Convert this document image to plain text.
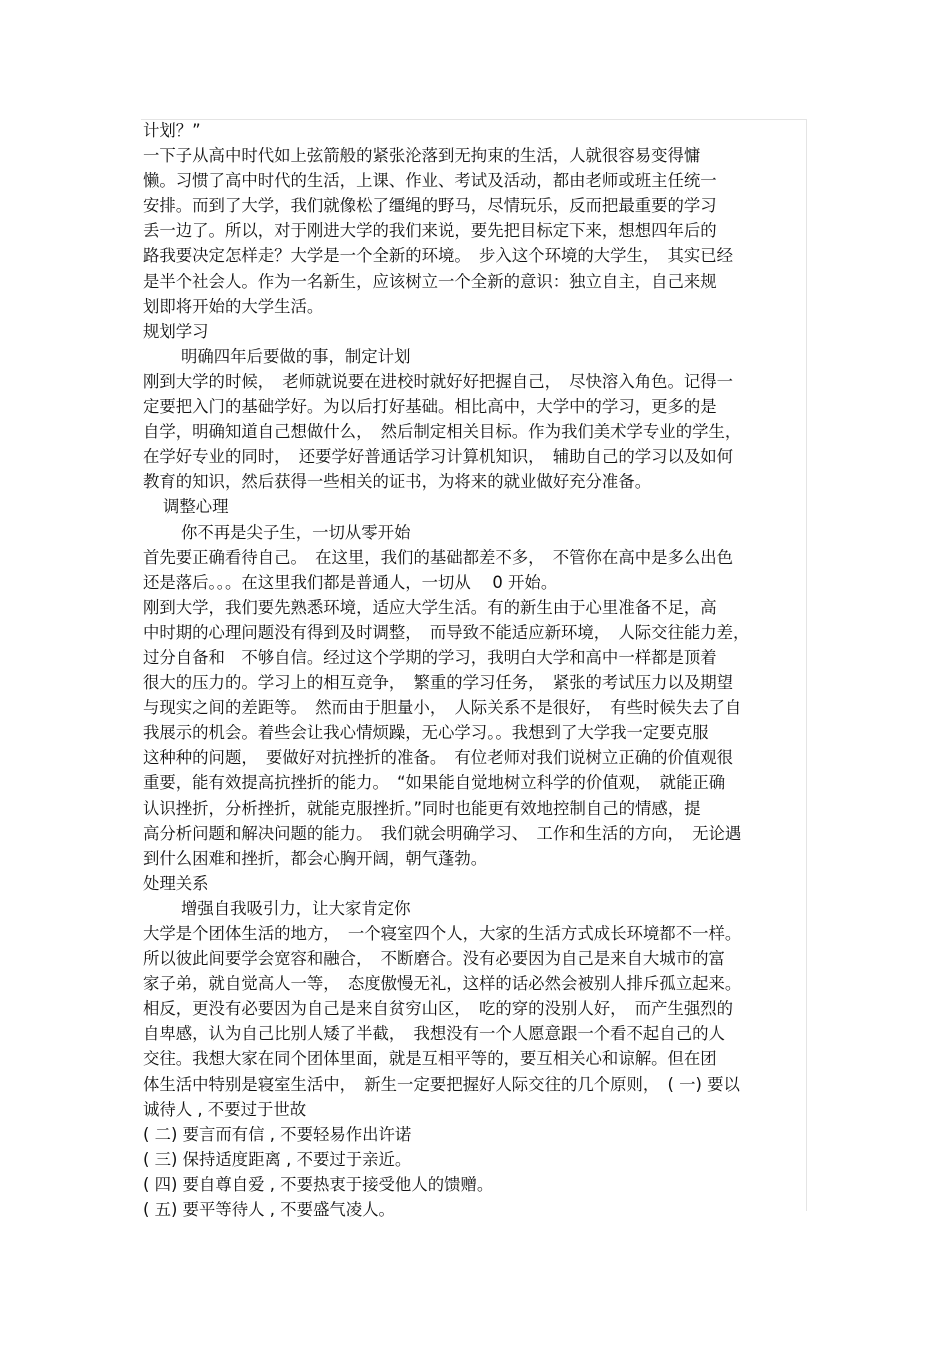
计划？”
一下子从高中时代如上弦箭般的紧张沦落到无拘束的生活，人就很容易变得慵
懒。习惯了高中时代的生活，上课、作业、考试及活动，都由老师或班主任统一
安排。而到了大学，我们就像松了缰绳的野马，尽情玩乐，反而把最重要的学习
丢一边了。所以，对于刚进大学的我们来说，要先把目标定下来，想想四年后的
路我要决定怎样走？大学是一个全新的环境。　步入这个环境的大学生，　其实已经
是半个社会人。作为一名新生，应该树立一个全新的意识：独立自主，自己来规
划即将开始的大学生活。
规划学习
明确四年后要做的事，制定计划
刚到大学的时候，　老师就说要在进校时就好好把握自己，　尽快溶入角色。记得一
定要把入门的基础学好。为以后打好基础。相比高中，大学中的学习，更多的是
自学，明确知道自己想做什么，　然后制定相关目标。作为我们美术学专业的学生，
在学好专业的同时，　还要学好普通话学习计算机知识，　辅助自己的学习以及如何
教育的知识，然后获得一些相关的证书，为将来的就业做好充分准备。
调整心理
你不再是尖子生，一切从零开始
首先要正确看待自己。　在这里，我们的基础都差不多，　不管你在高中是多么出色
还是落后。。。在这里我们都是普通人，一切从　 0 开始。
刚到大学，我们要先熟悉环境，适应大学生活。有的新生由于心里准备不足，高
中时期的心理问题没有得到及时调整，　而导致不能适应新环境，　人际交往能力差，
过分自备和　不够自信。经过这个学期的学习，我明白大学和高中一样都是顶着
很大的压力的。学习上的相互竞争，　繁重的学习任务，　紧张的考试压力以及期望
与现实之间的差距等。　然而由于胆量小，　人际关系不是很好，　有些时候失去了自
我展示的机会。着些会让我心情烦躁，无心学习。。我想到了大学我一定要克服
这种种的问题，　要做好对抗挫折的准备。　有位老师对我们说树立正确的价值观很
重要，能有效提高抗挫折的能力。　“如果能自觉地树立科学的价值观，　就能正确
认识挫折，分析挫折，就能克服挫折。”同时也能更有效地控制自己的情感，提
高分析问题和解决问题的能力。　我们就会明确学习、　工作和生活的方向，　无论遇
到什么困难和挫折，都会心胸开阔，朝气蓬勃。
处理关系
增强自我吸引力，让大家肯定你
大学是个团体生活的地方，　一个寝室四个人，大家的生活方式成长环境都不一样。
所以彼此间要学会宽容和融合，　不断磨合。没有必要因为自己是来自大城市的富
家子弟，就自觉高人一等，　态度傲慢无礼，这样的话必然会被别人排斥孤立起来。
相反，更没有必要因为自己是来自贫穷山区，　吃的穿的没别人好，　而产生强烈的
自卑感，认为自己比别人矮了半截，　我想没有一个人愿意跟一个看不起自己的人
交往。我想大家在同个团体里面，就是互相平等的，要互相关心和谅解。但在团
体生活中特别是寝室生活中，　新生一定要把握好人际交往的几个原则，　( 一) 要以
诚待人 , 不要过于世故
( 二) 要言而有信 , 不要轻易作出许诺
( 三) 保持适度距离 , 不要过于亲近。
( 四) 要自尊自爱 , 不要热衷于接受他人的馈赠。
( 五) 要平等待人 , 不要盛气凌人。
